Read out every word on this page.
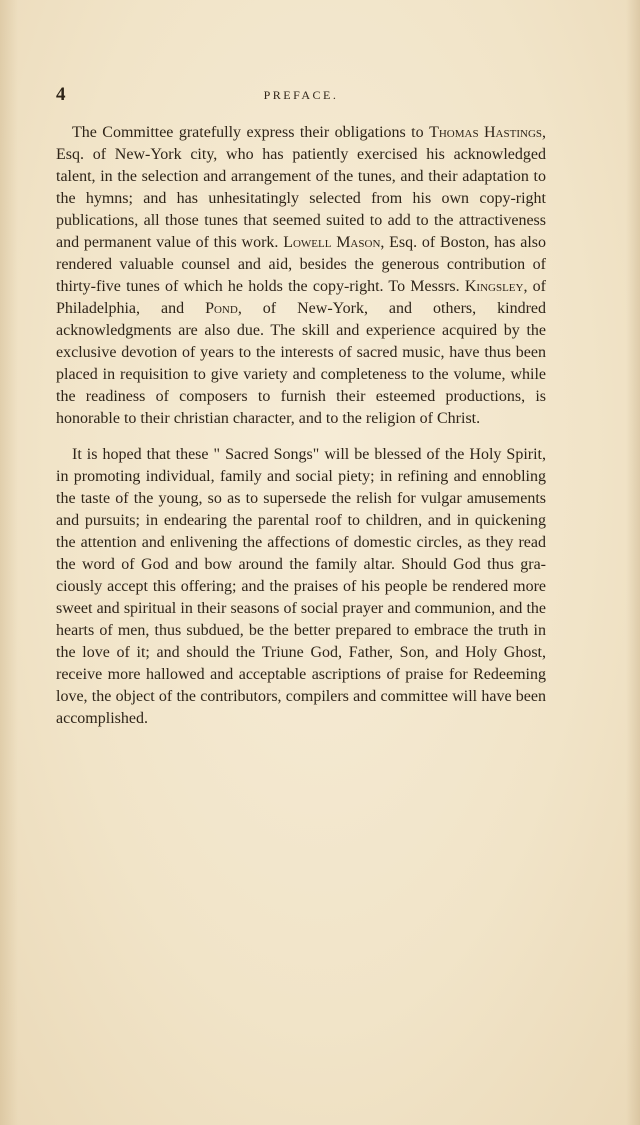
4	PREFACE.

The Committee gratefully express their obligations to Thomas Hastings, Esq. of New-York city, who has patiently exercised his acknowledged talent, in the selection and arrangement of the tunes, and their adaptation to the hymns; and has unhesitatingly selected from his own copy-right publications, all those tunes that seemed suited to add to the attractiveness and permanent value of this work. Lowell Mason, Esq. of Boston, has also rendered valuable counsel and aid, besides the generous contribution of thirty-five tunes of which he holds the copy-right. To Messrs. Kingsley, of Philadelphia, and Pond, of New-York, and others, kindred acknowledgments are also due. The skill and experience acquired by the exclusive devotion of years to the interests of sacred music, have thus been placed in requisition to give variety and completeness to the volume, while the readiness of composers to furnish their esteemed productions, is honorable to their christian character, and to the religion of Christ.

It is hoped that these " Sacred Songs" will be blessed of the Holy Spirit, in promoting individual, family and social piety; in refining and ennobling the taste of the young, so as to supersede the relish for vulgar amusements and pursuits; in endearing the parental roof to children, and in quickening the attention and enlivening the affections of domestic circles, as they read the word of God and bow around the family altar. Should God thus graciously accept this offering; and the praises of his people be rendered more sweet and spiritual in their seasons of social prayer and communion, and the hearts of men, thus subdued, be the better prepared to embrace the truth in the love of it; and should the Triune God, Father, Son, and Holy Ghost, receive more hallowed and acceptable ascriptions of praise for Redeeming love, the object of the contributors, compilers and committee will have been accomplished.
